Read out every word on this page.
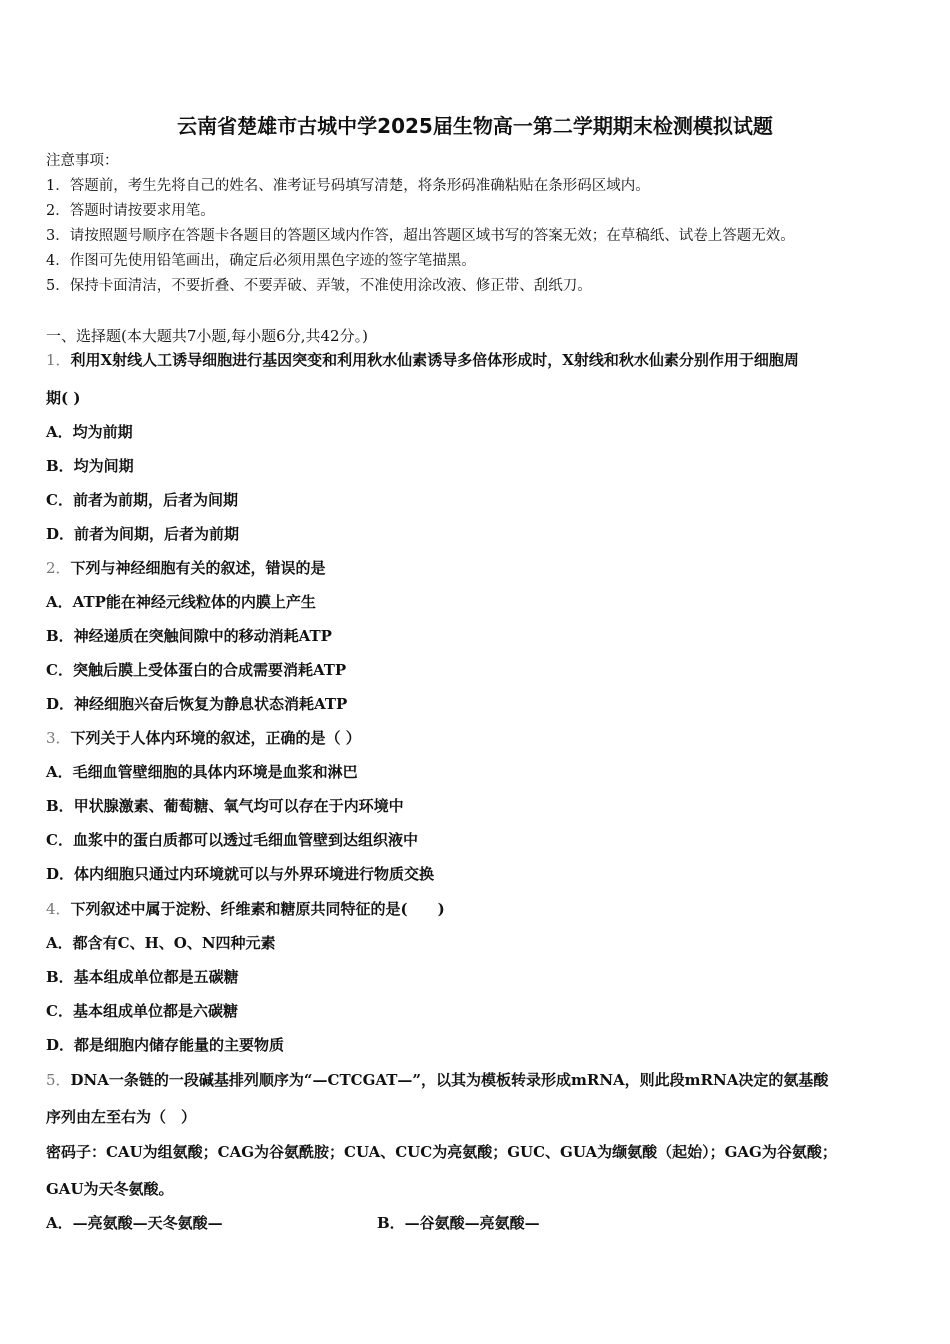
云南省楚雄市古城中学2025届生物高一第二学期期末检测模拟试题
注意事项：
1．答题前，考生先将自己的姓名、准考证号码填写清楚，将条形码准确粘贴在条形码区域内。
2．答题时请按要求用笔。
3．请按照题号顺序在答题卡各题目的答题区域内作答，超出答题区域书写的答案无效；在草稿纸、试卷上答题无效。
4．作图可先使用铅笔画出，确定后必须用黑色字迹的签字笔描黑。
5．保持卡面清洁，不要折叠、不要弄破、弄皱，不准使用涂改液、修正带、刮纸刀。
一、选择题(本大题共7小题,每小题6分,共42分。)
1．利用X射线人工诱导细胞进行基因突变和利用秋水仙素诱导多倍体形成时，X射线和秋水仙素分别作用于细胞周
期( )
A．均为前期
B．均为间期
C．前者为前期，后者为间期
D．前者为间期，后者为前期
2．下列与神经细胞有关的叙述，错误的是
A．ATP能在神经元线粒体的内膜上产生
B．神经递质在突触间隙中的移动消耗ATP
C．突触后膜上受体蛋白的合成需要消耗ATP
D．神经细胞兴奋后恢复为静息状态消耗ATP
3．下列关于人体内环境的叙述，正确的是（ ）
A．毛细血管壁细胞的具体内环境是血浆和淋巴
B．甲状腺激素、葡萄糖、氧气均可以存在于内环境中
C．血浆中的蛋白质都可以透过毛细血管壁到达组织液中
D．体内细胞只通过内环境就可以与外界环境进行物质交换
4．下列叙述中属于淀粉、纤维素和糖原共同特征的是(　　)
A．都含有C、H、O、N四种元素
B．基本组成单位都是五碳糖
C．基本组成单位都是六碳糖
D．都是细胞内储存能量的主要物质
5．DNA一条链的一段碱基排列顺序为“—CTCGAT—”，以其为模板转录形成mRNA，则此段mRNA决定的氨基酸
序列由左至右为（　）
密码子：CAU为组氨酸；CAG为谷氨酰胺；CUA、CUC为亮氨酸；GUC、GUA为缬氨酸（起始）；GAG为谷氨酸；
GAU为天冬氨酸。
A．—亮氨酸—天冬氨酸—	B．—谷氨酸—亮氨酸—
